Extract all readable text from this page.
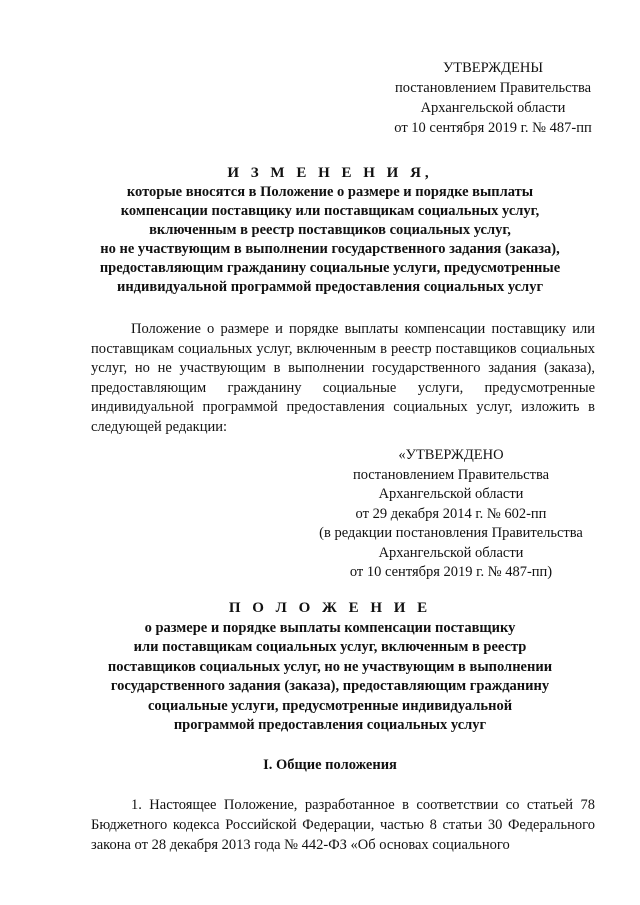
УТВЕРЖДЕНЫ
постановлением Правительства
Архангельской области
от 10 сентября 2019 г. № 487-пп
И З М Е Н Е Н И Я,
которые вносятся в Положение о размере и порядке выплаты
компенсации поставщику или поставщикам социальных услуг,
включенным в реестр поставщиков социальных услуг,
но не участвующим в выполнении государственного задания (заказа),
предоставляющим гражданину социальные услуги, предусмотренные
индивидуальной программой предоставления социальных услуг
Положение о размере и порядке выплаты компенсации поставщику или поставщикам социальных услуг, включенным в реестр поставщиков социальных услуг, но не участвующим в выполнении государственного задания (заказа), предоставляющим гражданину социальные услуги, предусмотренные индивидуальной программой предоставления социальных услуг, изложить в следующей редакции:
«УТВЕРЖДЕНО
постановлением Правительства
Архангельской области
от 29 декабря 2014 г. № 602-пп
(в редакции постановления Правительства
Архангельской области
от 10 сентября 2019 г. № 487-пп)
П О Л О Ж Е Н И Е
о размере и порядке выплаты компенсации поставщику
или поставщикам социальных услуг, включенным в реестр
поставщиков социальных услуг, но не участвующим в выполнении
государственного задания (заказа), предоставляющим гражданину
социальные услуги, предусмотренные индивидуальной
программой предоставления социальных услуг
I. Общие положения
1. Настоящее Положение, разработанное в соответствии со статьей 78 Бюджетного кодекса Российской Федерации, частью 8 статьи 30 Федерального закона от 28 декабря 2013 года № 442-ФЗ «Об основах социального
